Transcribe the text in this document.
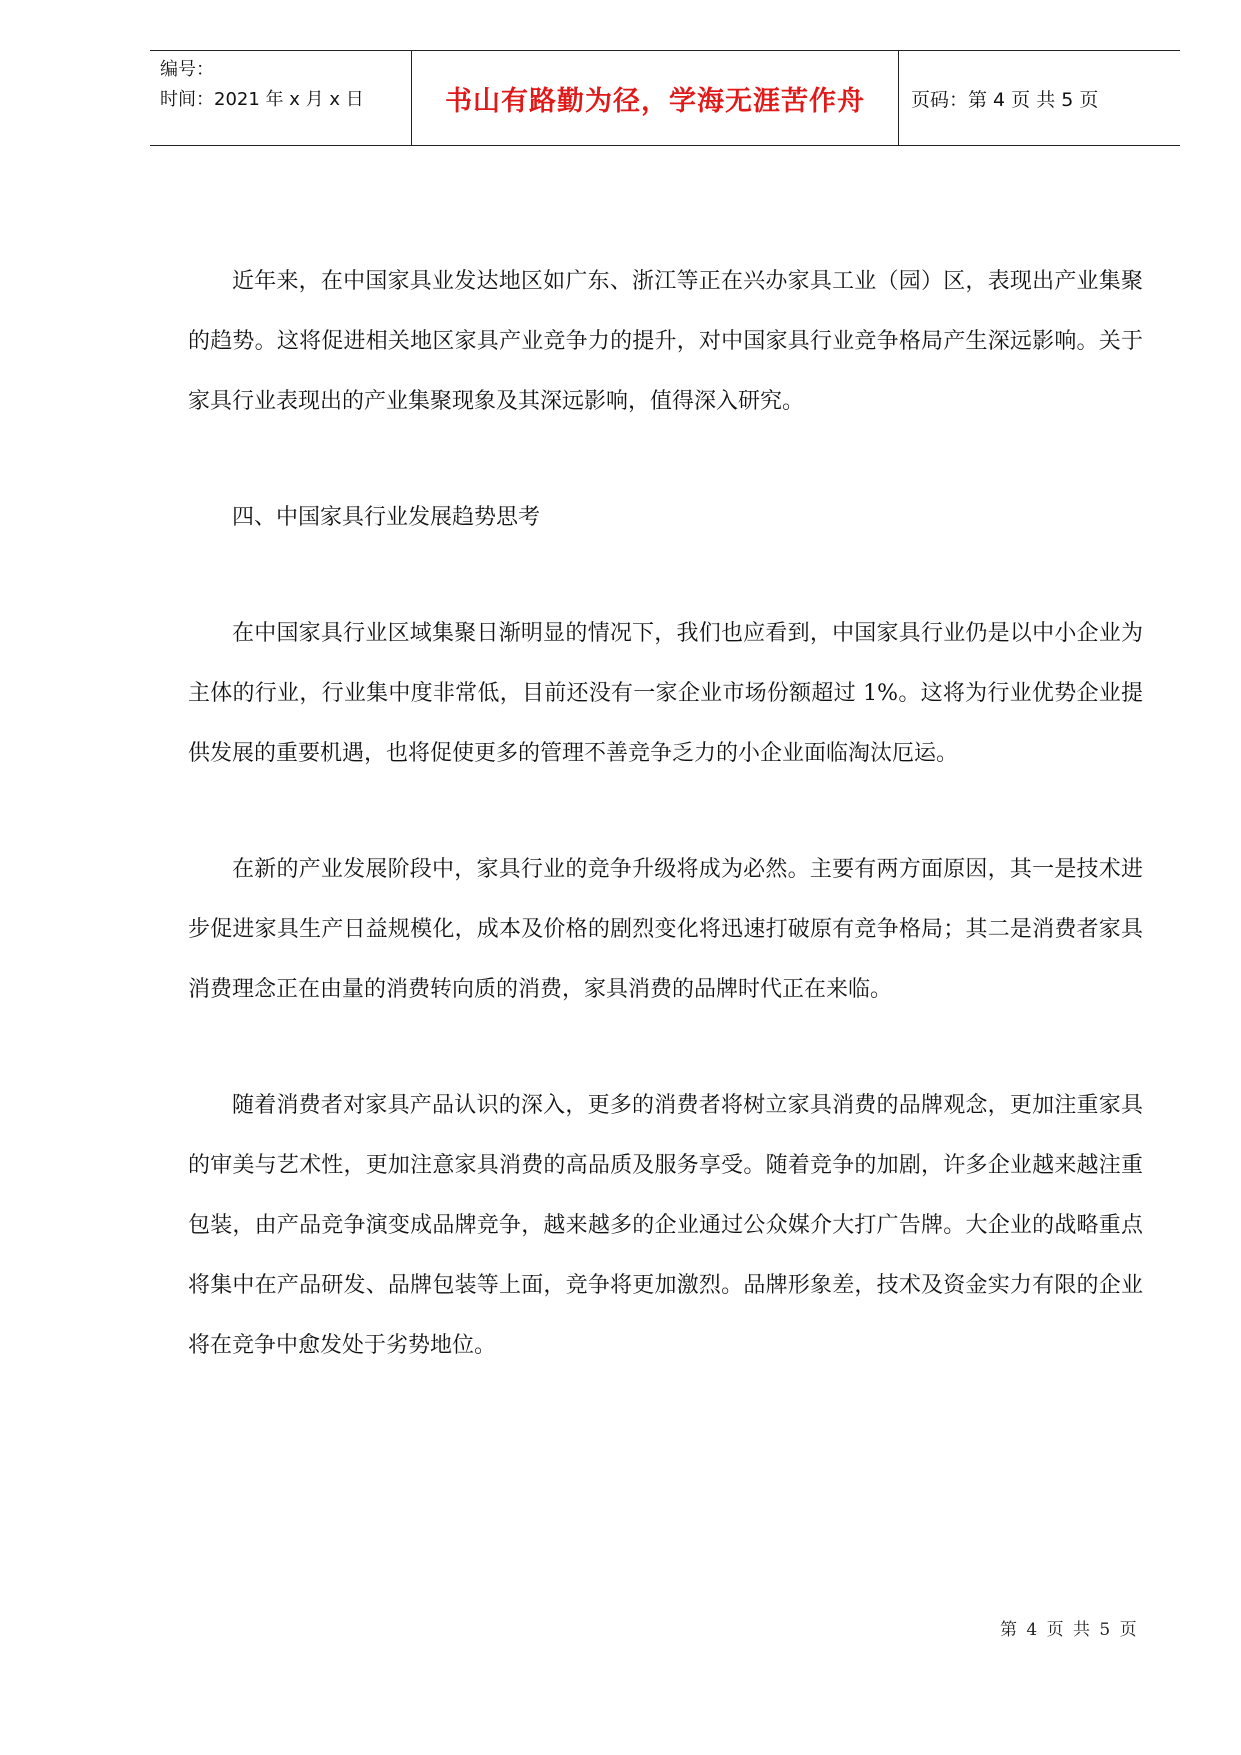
编号：
时间：2021 年 x 月 x 日	书山有路勤为径，学海无涯苦作舟	页码：第 4 页 共 5 页

近年来，在中国家具业发达地区如广东、浙江等正在兴办家具工业（园）区，表现出产业集聚的趋势。这将促进相关地区家具产业竞争力的提升，对中国家具行业竞争格局产生深远影响。关于家具行业表现出的产业集聚现象及其深远影响，值得深入研究。

四、中国家具行业发展趋势思考

在中国家具行业区域集聚日渐明显的情况下，我们也应看到，中国家具行业仍是以中小企业为主体的行业，行业集中度非常低，目前还没有一家企业市场份额超过 1%。这将为行业优势企业提供发展的重要机遇，也将促使更多的管理不善竞争乏力的小企业面临淘汰厄运。

在新的产业发展阶段中，家具行业的竞争升级将成为必然。主要有两方面原因，其一是技术进步促进家具生产日益规模化，成本及价格的剧烈变化将迅速打破原有竞争格局；其二是消费者家具消费理念正在由量的消费转向质的消费，家具消费的品牌时代正在来临。

随着消费者对家具产品认识的深入，更多的消费者将树立家具消费的品牌观念，更加注重家具的审美与艺术性，更加注意家具消费的高品质及服务享受。随着竞争的加剧，许多企业越来越注重包装，由产品竞争演变成品牌竞争，越来越多的企业通过公众媒介大打广告牌。大企业的战略重点将集中在产品研发、品牌包装等上面，竞争将更加激烈。品牌形象差，技术及资金实力有限的企业将在竞争中愈发处于劣势地位。

第 4 页 共 5 页
